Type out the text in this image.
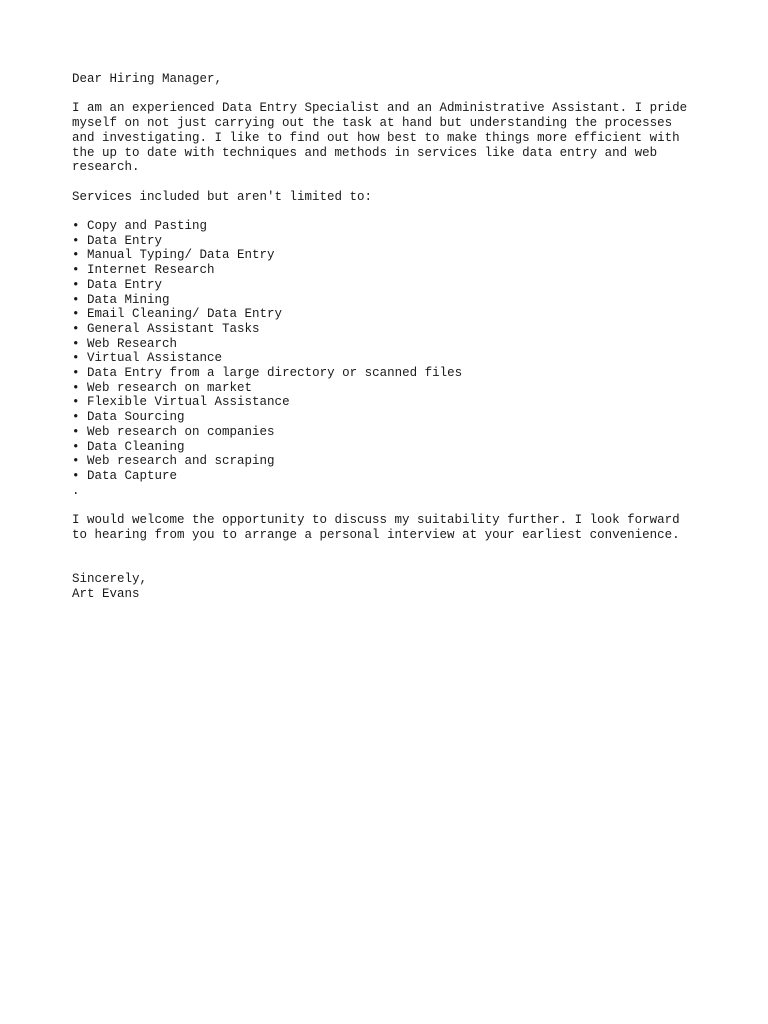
Dear Hiring Manager,
I am an experienced Data Entry Specialist and an Administrative Assistant. I pride
myself on not just carrying out the task at hand but understanding the processes
and investigating. I like to find out how best to make things more efficient with
the up to date with techniques and methods in services like data entry and web
research.
Services included but aren't limited to:
• Copy and Pasting
• Data Entry
• Manual Typing/ Data Entry
• Internet Research
• Data Entry
• Data Mining
• Email Cleaning/ Data Entry
• General Assistant Tasks
• Web Research
• Virtual Assistance
• Data Entry from a large directory or scanned files
• Web research on market
• Flexible Virtual Assistance
• Data Sourcing
• Web research on companies
• Data Cleaning
• Web research and scraping
• Data Capture
.
I would welcome the opportunity to discuss my suitability further. I look forward
to hearing from you to arrange a personal interview at your earliest convenience.
Sincerely,
Art Evans
